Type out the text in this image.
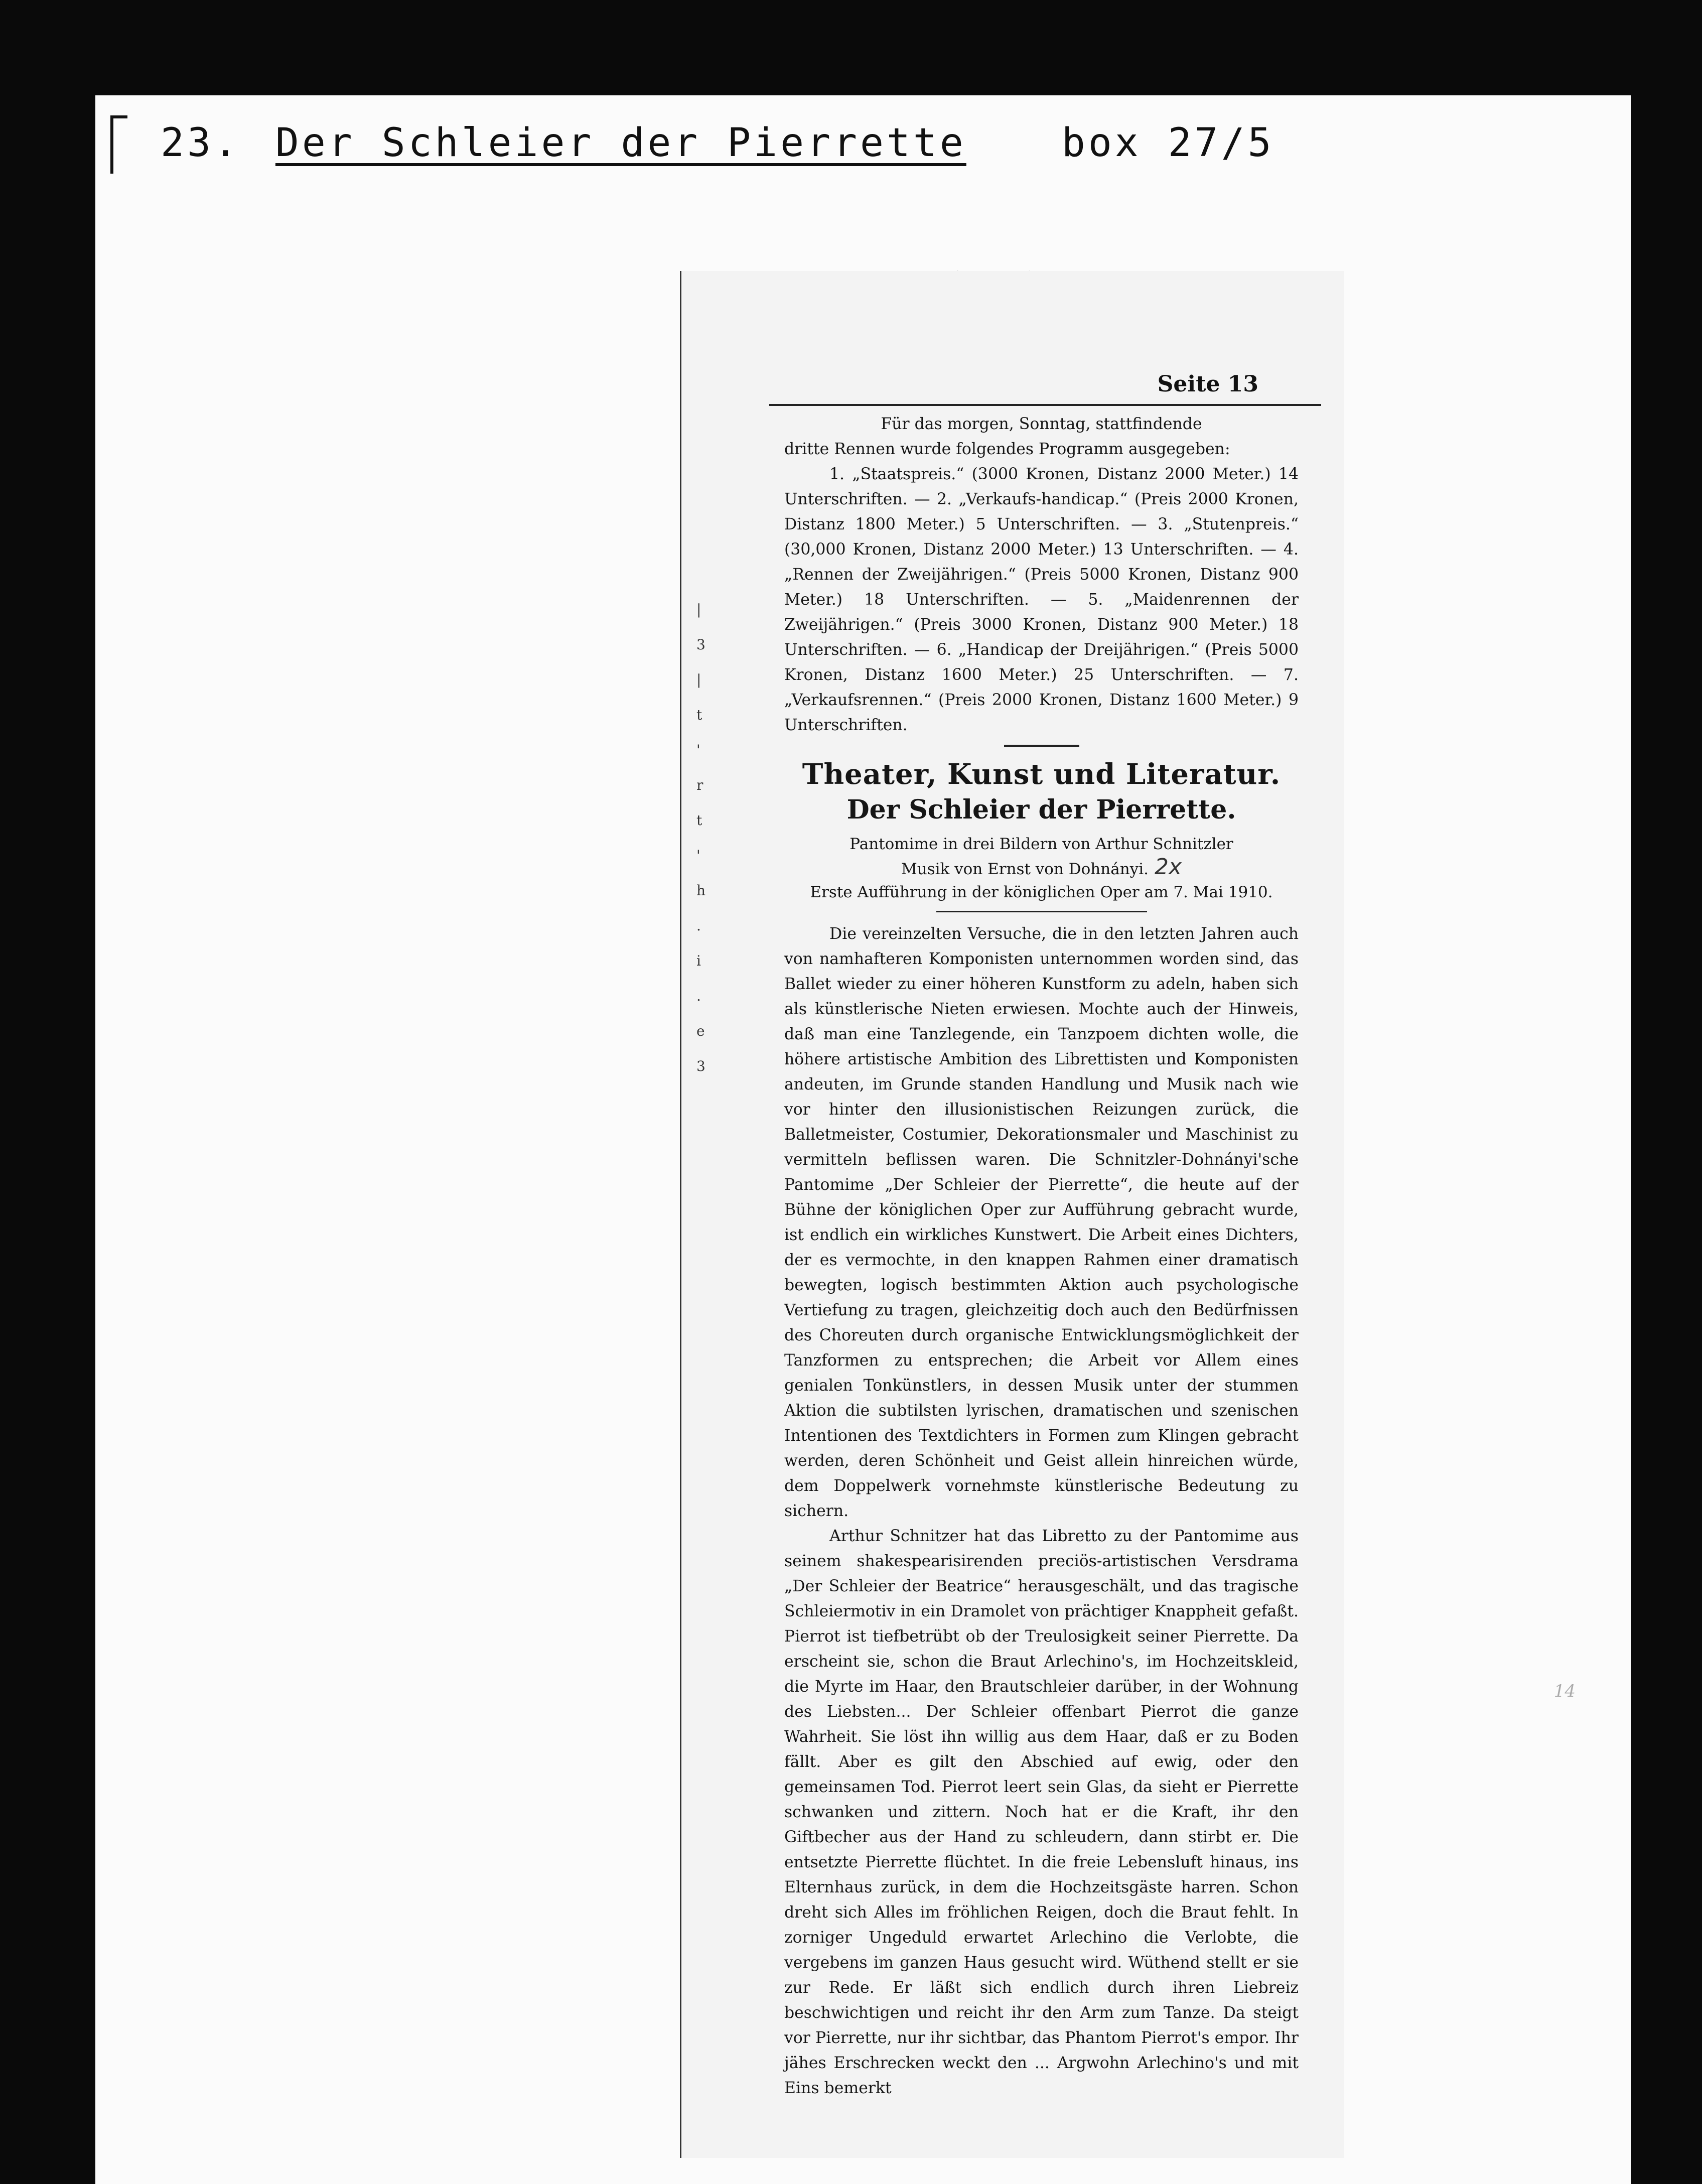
23. Der Schleier der Pierrette box 27/5
|
3
|
t
'
r
t
'
h
.
i
.
e
3
Seite 13

Für das morgen, Sonntag, stattfindende

dritte Rennen wurde folgendes Programm ausgegeben:

1. „Staatspreis.“ (3000 Kronen, Distanz 2000 Meter.) 14 Unterschriften. — 2. „Verkaufs-handicap.“ (Preis 2000 Kronen, Distanz 1800 Meter.) 5 Unterschriften. — 3. „Stutenpreis.“ (30,000 Kronen, Distanz 2000 Meter.) 13 Unterschriften. — 4. „Rennen der Zweijährigen.“ (Preis 5000 Kronen, Distanz 900 Meter.) 18 Unterschriften. — 5. „Maidenrennen der Zweijährigen.“ (Preis 3000 Kronen, Distanz 900 Meter.) 18 Unterschriften. — 6. „Handicap der Dreijährigen.“ (Preis 5000 Kronen, Distanz 1600 Meter.) 25 Unterschriften. — 7. „Verkaufsrennen.“ (Preis 2000 Kronen, Distanz 1600 Meter.) 9 Unterschriften.

Theater, Kunst und Literatur.
Der Schleier der Pierrette.
Pantomime in drei Bildern von Arthur Schnitzler
Musik von Ernst von Dohnányi. 2x
Erste Aufführung in der königlichen Oper am 7. Mai 1910.

Die vereinzelten Versuche, die in den letzten Jahren auch von namhafteren Komponisten unternommen worden sind, das Ballet wieder zu einer höheren Kunstform zu adeln, haben sich als künstlerische Nieten erwiesen. Mochte auch der Hinweis, daß man eine Tanzlegende, ein Tanzpoem dichten wolle, die höhere artistische Ambition des Librettisten und Komponisten andeuten, im Grunde standen Handlung und Musik nach wie vor hinter den illusionistischen Reizungen zurück, die Balletmeister, Costumier, Dekorationsmaler und Maschinist zu vermitteln beflissen waren. Die Schnitzler-Dohnányi'sche Pantomime „Der Schleier der Pierrette“, die heute auf der Bühne der königlichen Oper zur Aufführung gebracht wurde, ist endlich ein wirkliches Kunstwert. Die Arbeit eines Dichters, der es vermochte, in den knappen Rahmen einer dramatisch bewegten, logisch bestimmten Aktion auch psychologische Vertiefung zu tragen, gleichzeitig doch auch den Bedürfnissen des Choreuten durch organische Entwicklungsmöglichkeit der Tanzformen zu entsprechen; die Arbeit vor Allem eines genialen Tonkünstlers, in dessen Musik unter der stummen Aktion die subtilsten lyrischen, dramatischen und szenischen Intentionen des Textdichters in Formen zum Klingen gebracht werden, deren Schönheit und Geist allein hinreichen würde, dem Doppelwerk vornehmste künstlerische Bedeutung zu sichern.

Arthur Schnitzer hat das Libretto zu der Pantomime aus seinem shakespearisirenden preciös-artistischen Versdrama „Der Schleier der Beatrice“ herausgeschält, und das tragische Schleiermotiv in ein Dramolet von prächtiger Knappheit gefaßt. Pierrot ist tiefbetrübt ob der Treulosigkeit seiner Pierrette. Da erscheint sie, schon die Braut Arlechino's, im Hochzeitskleid, die Myrte im Haar, den Brautschleier darüber, in der Wohnung des Liebsten... Der Schleier offenbart Pierrot die ganze Wahrheit. Sie löst ihn willig aus dem Haar, daß er zu Boden fällt. Aber es gilt den Abschied auf ewig, oder den gemeinsamen Tod. Pierrot leert sein Glas, da sieht er Pierrette schwanken und zittern. Noch hat er die Kraft, ihr den Giftbecher aus der Hand zu schleudern, dann stirbt er. Die entsetzte Pierrette flüchtet. In die freie Lebensluft hinaus, ins Elternhaus zurück, in dem die Hochzeitsgäste harren. Schon dreht sich Alles im fröhlichen Reigen, doch die Braut fehlt. In zorniger Ungeduld erwartet Arlechino die Verlobte, die vergebens im ganzen Haus gesucht wird. Wüthend stellt er sie zur Rede. Er läßt sich endlich durch ihren Liebreiz beschwichtigen und reicht ihr den Arm zum Tanze. Da steigt vor Pierrette, nur ihr sichtbar, das Phantom Pierrot's empor. Ihr jähes Erschrecken weckt den ... Argwohn Arlechino's und mit Eins bemerkt

14
